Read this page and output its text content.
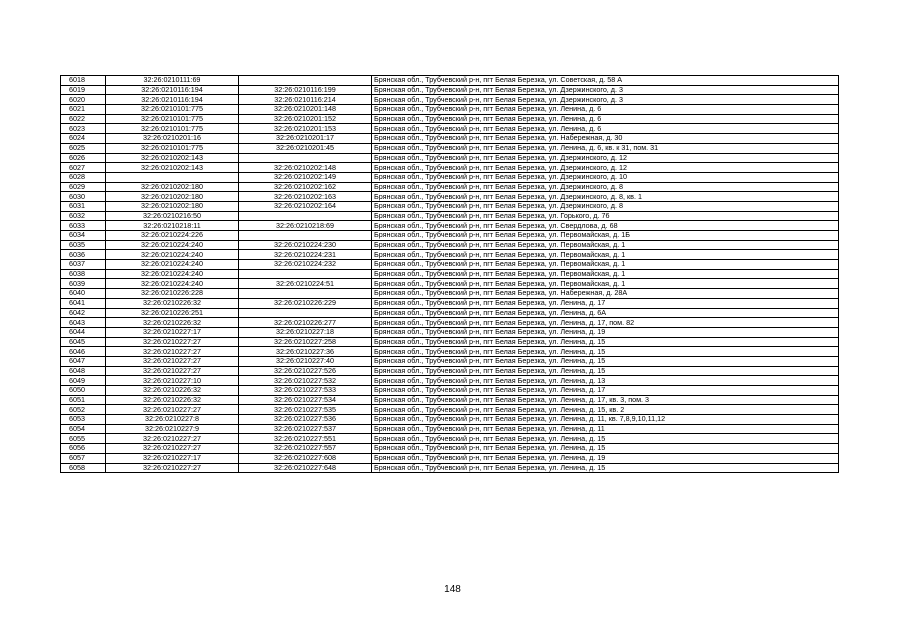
6018	32:26:0210111:69		Брянская обл., Трубчевский р-н, пгт Белая Березка, ул. Советская, д. 58 А
6019	32:26:0210116:194	32:26:0210116:199	Брянская обл., Трубчевский р-н, пгт Белая Березка, ул. Дзержинского, д. 3
6020	32:26:0210116:194	32:26:0210116:214	Брянская обл., Трубчевский р-н, пгт Белая Березка, ул. Дзержинского, д. 3
6021	32:26:0210101:775	32:26:0210201:148	Брянская обл., Трубчевский р-н, пгт Белая Березка, ул. Ленина, д. 6
6022	32:26:0210101:775	32:26:0210201:152	Брянская обл., Трубчевский р-н, пгт Белая Березка, ул. Ленина, д. 6
6023	32:26:0210101:775	32:26:0210201:153	Брянская обл., Трубчевский р-н, пгт Белая Березка, ул. Ленина, д. 6
6024	32:26:0210201:16	32:26:0210201:17	Брянская обл., Трубчевский р-н, пгт Белая Березка, ул. Набережная, д. 30
6025	32:26:0210101:775	32:26:0210201:45	Брянская обл., Трубчевский р-н, пгт Белая Березка, ул. Ленина, д. 6, кв. к 31, пом. 31
6026	32:26:0210202:143		Брянская обл., Трубчевский р-н, пгт Белая Березка, ул. Дзержинского, д. 12
6027	32:26:0210202:143	32:26:0210202:148	Брянская обл., Трубчевский р-н, пгт Белая Березка, ул. Дзержинского, д. 12
6028		32:26:0210202:149	Брянская обл., Трубчевский р-н, пгт Белая Березка, ул. Дзержинского, д. 10
6029	32:26:0210202:180	32:26:0210202:162	Брянская обл., Трубчевский р-н, пгт Белая Березка, ул. Дзержинского, д. 8
6030	32:26:0210202:180	32:26:0210202:163	Брянская обл., Трубчевский р-н, пгт Белая Березка, ул. Дзержинского, д. 8, кв. 1
6031	32:26:0210202:180	32:26:0210202:164	Брянская обл., Трубчевский р-н, пгт Белая Березка, ул. Дзержинского, д. 8
6032	32:26:0210216:50		Брянская обл., Трубчевский р-н, пгт Белая Березка, ул. Горького, д. 76
6033	32:26:0210218:11	32:26:0210218:69	Брянская обл., Трубчевский р-н, пгт Белая Березка, ул. Свердлова, д. 68
6034	32:26:0210224:226		Брянская обл., Трубчевский р-н, пгт Белая Березка, ул. Первомайская, д. 1Б
6035	32:26:0210224:240	32:26:0210224:230	Брянская обл., Трубчевский р-н, пгт Белая Березка, ул. Первомайская, д. 1
6036	32:26:0210224:240	32:26:0210224:231	Брянская обл., Трубчевский р-н, пгт Белая Березка, ул. Первомайская, д. 1
6037	32:26:0210224:240	32:26:0210224:232	Брянская обл., Трубчевский р-н, пгт Белая Березка, ул. Первомайская, д. 1
6038	32:26:0210224:240		Брянская обл., Трубчевский р-н, пгт Белая Березка, ул. Первомайская, д. 1
6039	32:26:0210224:240	32:26:0210224:51	Брянская обл., Трубчевский р-н, пгт Белая Березка, ул. Первомайская, д. 1
6040	32:26:0210226:228		Брянская обл., Трубчевский р-н, пгт Белая Березка, ул. Набережная, д. 28А
6041	32:26:0210226:32	32:26:0210226:229	Брянская обл., Трубчевский р-н, пгт Белая Березка, ул. Ленина, д. 17
6042	32:26:0210226:251		Брянская обл., Трубчевский р-н, пгт Белая Березка, ул. Ленина, д. 6А
6043	32:26:0210226:32	32:26:0210226:277	Брянская обл., Трубчевский р-н, пгт Белая Березка, ул. Ленина, д. 17, пом. 82
6044	32:26:0210227:17	32:26:0210227:18	Брянская обл., Трубчевский р-н, пгт Белая Березка, ул. Ленина, д. 19
6045	32:26:0210227:27	32:26:0210227:258	Брянская обл., Трубчевский р-н, пгт Белая Березка, ул. Ленина, д. 15
6046	32:26:0210227:27	32:26:0210227:36	Брянская обл., Трубчевский р-н, пгт Белая Березка, ул. Ленина, д. 15
6047	32:26:0210227:27	32:26:0210227:40	Брянская обл., Трубчевский р-н, пгт Белая Березка, ул. Ленина, д. 15
6048	32:26:0210227:27	32:26:0210227:526	Брянская обл., Трубчевский р-н, пгт Белая Березка, ул. Ленина, д. 15
6049	32:26:0210227:10	32:26:0210227:532	Брянская обл., Трубчевский р-н, пгт Белая Березка, ул. Ленина, д. 13
6050	32:26:0210226:32	32:26:0210227:533	Брянская обл., Трубчевский р-н, пгт Белая Березка, ул. Ленина, д. 17
6051	32:26:0210226:32	32:26:0210227:534	Брянская обл., Трубчевский р-н, пгт Белая Березка, ул. Ленина, д. 17, кв. 3, пом. 3
6052	32:26:0210227:27	32:26:0210227:535	Брянская обл., Трубчевский р-н, пгт Белая Березка, ул. Ленина, д. 15, кв. 2
6053	32:26:0210227:8	32:26:0210227:536	Брянская обл., Трубчевский р-н, пгт Белая Березка, ул. Ленина, д. 11, кв. 7,8,9,10,11,12
6054	32:26:0210227:9	32:26:0210227:537	Брянская обл., Трубчевский р-н, пгт Белая Березка, ул. Ленина, д. 11
6055	32:26:0210227:27	32:26:0210227:551	Брянская обл., Трубчевский р-н, пгт Белая Березка, ул. Ленина, д. 15
6056	32:26:0210227:27	32:26:0210227:557	Брянская обл., Трубчевский р-н, пгт Белая Березка, ул. Ленина, д. 15
6057	32:26:0210227:17	32:26:0210227:608	Брянская обл., Трубчевский р-н, пгт Белая Березка, ул. Ленина, д. 19
6058	32:26:0210227:27	32:26:0210227:648	Брянская обл., Трубчевский р-н, пгт Белая Березка, ул. Ленина, д. 15
148
